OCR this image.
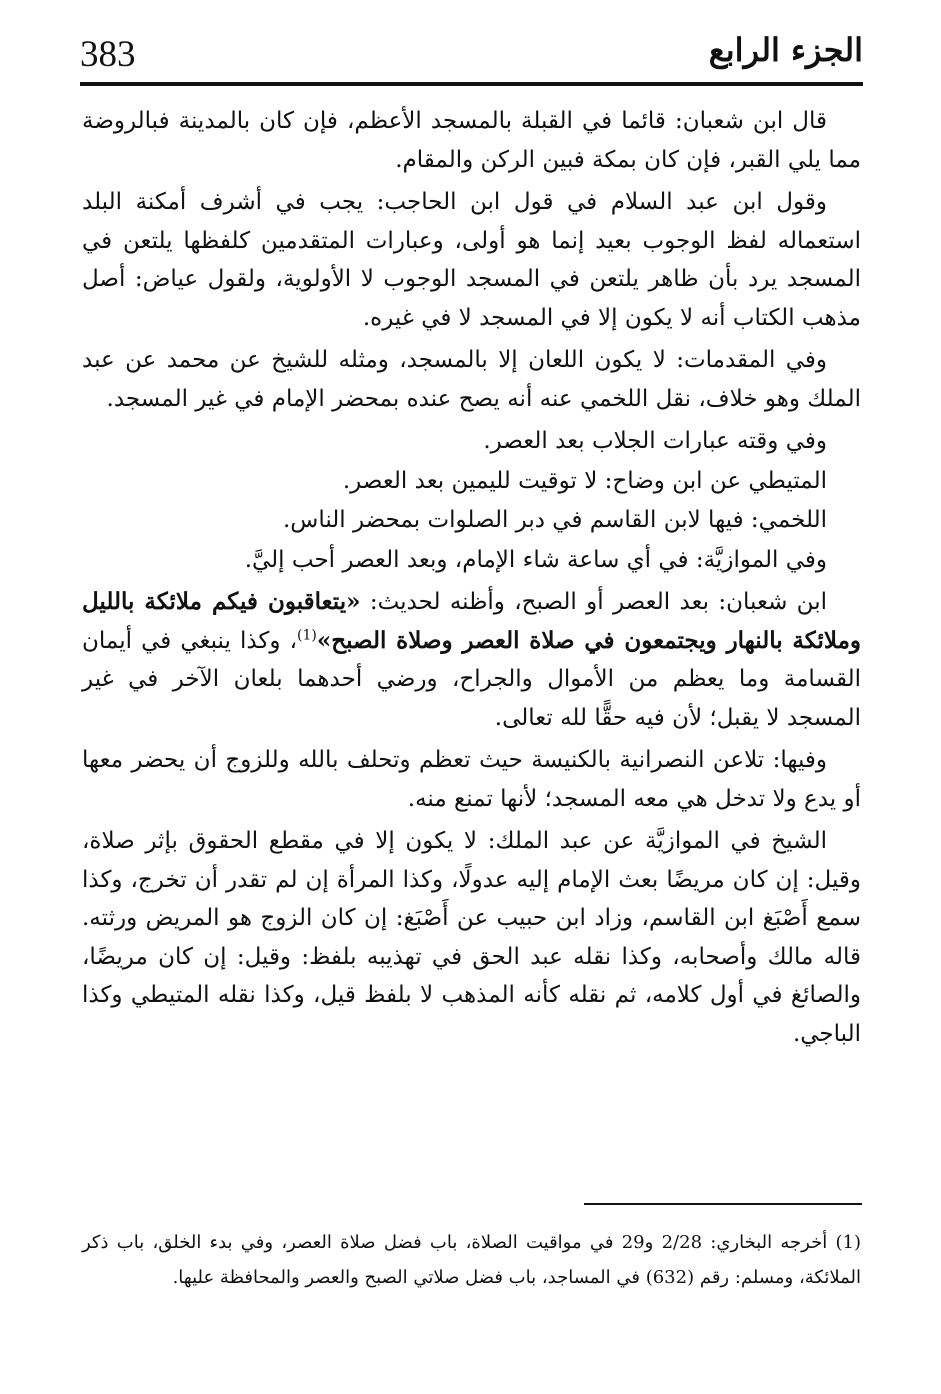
383	الجزء الرابع

قال ابن شعبان: قائما في القبلة بالمسجد الأعظم، فإن كان بالمدينة فبالروضة مما يلي القبر، فإن كان بمكة فبين الركن والمقام.

وقول ابن عبد السلام في قول ابن الحاجب: يجب في أشرف أمكنة البلد استعماله لفظ الوجوب بعيد إنما هو أولى، وعبارات المتقدمين كلفظها يلتعن في المسجد يرد بأن ظاهر يلتعن في المسجد الوجوب لا الأولوية، ولقول عياض: أصل مذهب الكتاب أنه لا يكون إلا في المسجد لا في غيره.

وفي المقدمات: لا يكون اللعان إلا بالمسجد، ومثله للشيخ عن محمد عن عبد الملك وهو خلاف، نقل اللخمي عنه أنه يصح عنده بمحضر الإمام في غير المسجد.

وفي وقته عبارات الجلاب بعد العصر.

المتيطي عن ابن وضاح: لا توقيت لليمين بعد العصر.

اللخمي: فيها لابن القاسم في دبر الصلوات بمحضر الناس.

وفي الموازيَّة: في أي ساعة شاء الإمام، وبعد العصر أحب إليَّ.

ابن شعبان: بعد العصر أو الصبح، وأظنه لحديث: «يتعاقبون فيكم ملائكة بالليل وملائكة بالنهار ويجتمعون في صلاة العصر وصلاة الصبح»$^{(1)}$، وكذا ينبغي في أيمان القسامة وما يعظم من الأموال والجراح، ورضي أحدهما بلعان الآخر في غير المسجد لا يقبل؛ لأن فيه حقًّا لله تعالى.

وفيها: تلاعن النصرانية بالكنيسة حيث تعظم وتحلف بالله وللزوج أن يحضر معها أو يدع ولا تدخل هي معه المسجد؛ لأنها تمنع منه.

الشيخ في الموازيَّة عن عبد الملك: لا يكون إلا في مقطع الحقوق بإثر صلاة، وقيل: إن كان مريضًا بعث الإمام إليه عدولًا، وكذا المرأة إن لم تقدر أن تخرج، وكذا سمع أَصْبَغ ابن القاسم، وزاد ابن حبيب عن أَصْبَغ: إن كان الزوج هو المريض ورثته. قاله مالك وأصحابه، وكذا نقله عبد الحق في تهذيبه بلفظ: وقيل: إن كان مريضًا، والصائغ في أول كلامه، ثم نقله كأنه المذهب لا بلفظ قيل، وكذا نقله المتيطي وكذا الباجي.

(1) أخرجه البخاري: 2/28 و29 في مواقيت الصلاة، باب فضل صلاة العصر، وفي بدء الخلق، باب ذكر الملائكة، ومسلم: رقم (632) في المساجد، باب فضل صلاتي الصبح والعصر والمحافظة عليها.
